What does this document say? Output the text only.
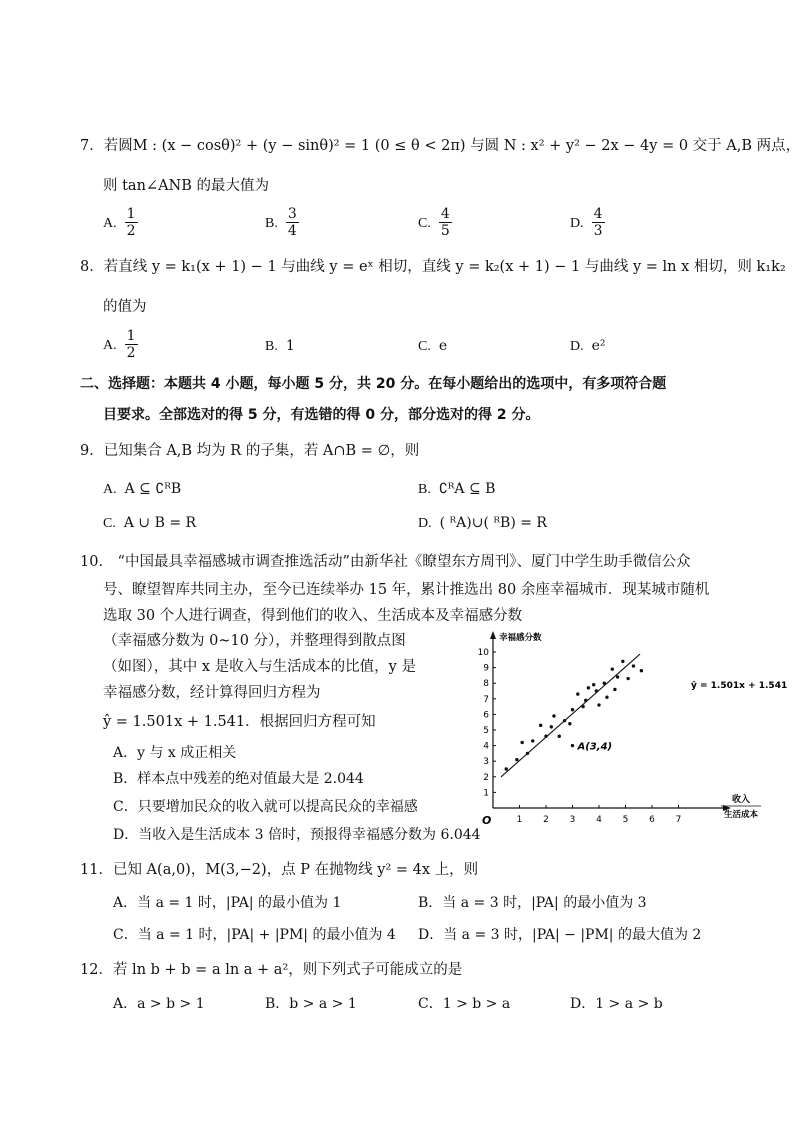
7．若圆M : (x − cosθ)² + (y − sinθ)² = 1 (0 ≤ θ < 2π) 与圆 N : x² + y² − 2x − 4y = 0 交于 A,B 两点，
则 tan∠ANB 的最大值为
A. $\frac{1}{2}$	B. $\frac{3}{4}$	C. $\frac{4}{5}$	D. $\frac{4}{3}$
8．若直线 y = k₁(x + 1) − 1 与曲线 y = eˣ 相切，直线 y = k₂(x + 1) − 1 与曲线 y = ln x 相切，则 k₁k₂
的值为
A. $\frac{1}{2}$	B. 1	C. e	D. e²
二、选择题：本题共 4 小题，每小题 5 分，共 20 分。在每小题给出的选项中，有多项符合题
目要求。全部选对的得 5 分，有选错的得 0 分，部分选对的得 2 分。
9．已知集合 A,B 均为 R 的子集，若 A∩B = ∅，则
A. A ⊆ ∁ᴿB	B. ∁ᴿA ⊆ B
C. A ∪ B = R	D. ( ᴿA)∪( ᴿB) = R
10.　“中国最具幸福感城市调查推选活动”由新华社《瞭望东方周刊》、厦门中学生助手微信公众
号、瞭望智库共同主办，至今已连续举办 15 年，累计推选出 80 余座幸福城市．现某城市随机
选取 30 个人进行调查，得到他们的收入、生活成本及幸福感分数
（幸福感分数为 0~10 分），并整理得到散点图
（如图），其中 x 是收入与生活成本的比值，y 是
幸福感分数，经计算得回归方程为
ŷ = 1.501x + 1.541．根据回归方程可知
A．y 与 x 成正相关
B．样本点中残差的绝对值最大是 2.044
C．只要增加民众的收入就可以提高民众的幸福感
D．当收入是生活成本 3 倍时，预报得幸福感分数为 6.044
1 2 3 4 5 6 7
1
2
3
4
5
6
7
8
9
10
幸福感分数
O
ŷ = 1.501x + 1.541
A(3,4)
收入
生活成本
11．已知 A(a,0)，M(3,−2)，点 P 在抛物线 y² = 4x 上，则
A．当 a = 1 时，|PA| 的最小值为 1	B．当 a = 3 时，|PA| 的最小值为 3
C．当 a = 1 时，|PA| + |PM| 的最小值为 4 D．当 a = 3 时，|PA| − |PM| 的最大值为 2
12．若 ln b + b = a ln a + a²，则下列式子可能成立的是
A．a > b > 1	B．b > a > 1	C．1 > b > a	D．1 > a > b
